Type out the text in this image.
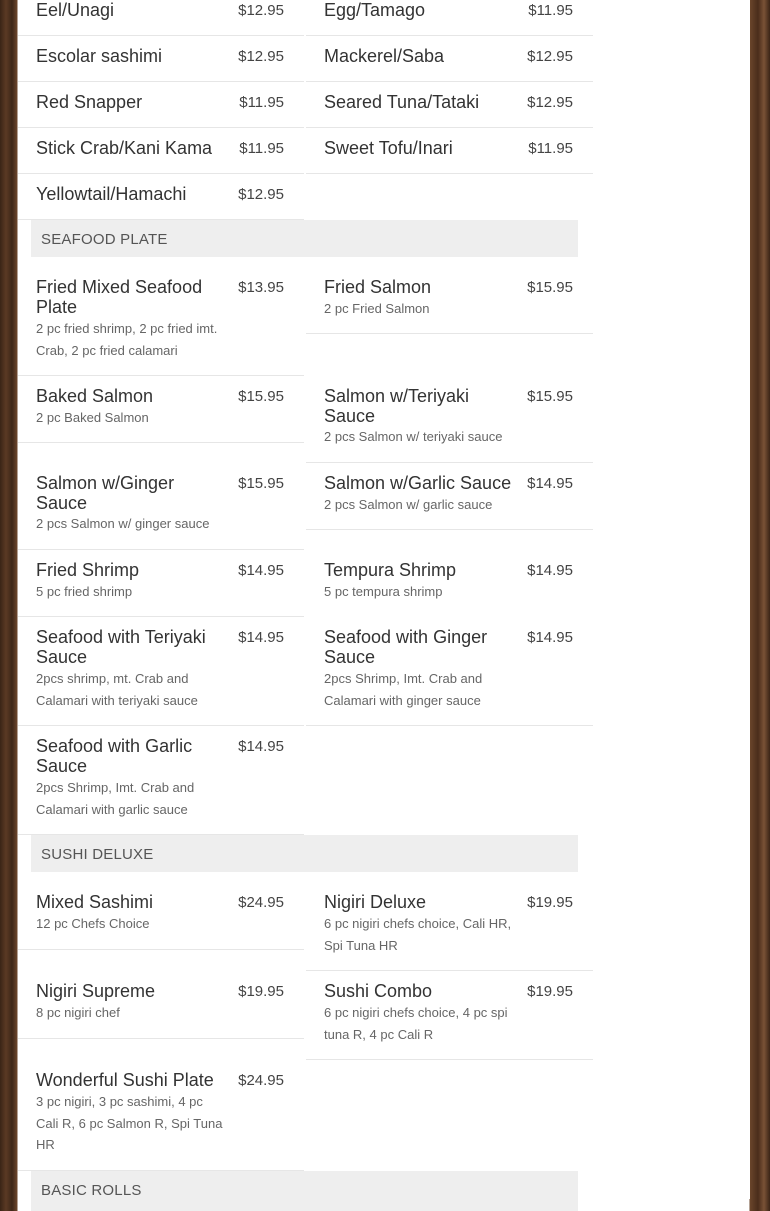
Eel/Unagi	$12.95 Egg/Tamago	$11.95
Escolar sashimi	$12.95 Mackerel/Saba	$12.95
Red Snapper	$11.95 Seared Tuna/Tataki	$12.95
Stick Crab/Kani Kama	$11.95 Sweet Tofu/Inari	$11.95
Yellowtail/Hamachi	$12.95
SEAFOOD PLATE
Fried Mixed Seafood Plate
$13.95
2 pc fried shrimp, 2 pc fried imt. Crab, 2 pc fried calamari
Fried Salmon	$15.95
2 pc Fried Salmon
Baked Salmon	$15.95
2 pc Baked Salmon
Salmon w/Teriyaki Sauce
$15.95
2 pcs Salmon w/ teriyaki sauce
Salmon w/Ginger Sauce
$15.95
2 pcs Salmon w/ ginger sauce
Salmon w/Garlic Sauce	$14.95
2 pcs Salmon w/ garlic sauce
Fried Shrimp	$14.95
5 pc fried shrimp
Tempura Shrimp	$14.95
5 pc tempura shrimp
Seafood with Teriyaki Sauce
$14.95
2pcs shrimp, mt. Crab and Calamari with teriyaki sauce
Seafood with Ginger Sauce
$14.95
2pcs Shrimp, Imt. Crab and Calamari with ginger sauce
Seafood with Garlic Sauce
$14.95
2pcs Shrimp, Imt. Crab and Calamari with garlic sauce
SUSHI DELUXE
Mixed Sashimi	$24.95
12 pc Chefs Choice
Nigiri Deluxe	$19.95
6 pc nigiri chefs choice, Cali HR, Spi Tuna HR
Nigiri Supreme	$19.95
8 pc nigiri chef
Sushi Combo	$19.95
6 pc nigiri chefs choice, 4 pc spi tuna R, 4 pc Cali R
Wonderful Sushi Plate	$24.95
3 pc nigiri, 3 pc sashimi, 4 pc Cali R, 6 pc Salmon R, Spi Tuna HR
BASIC ROLLS
